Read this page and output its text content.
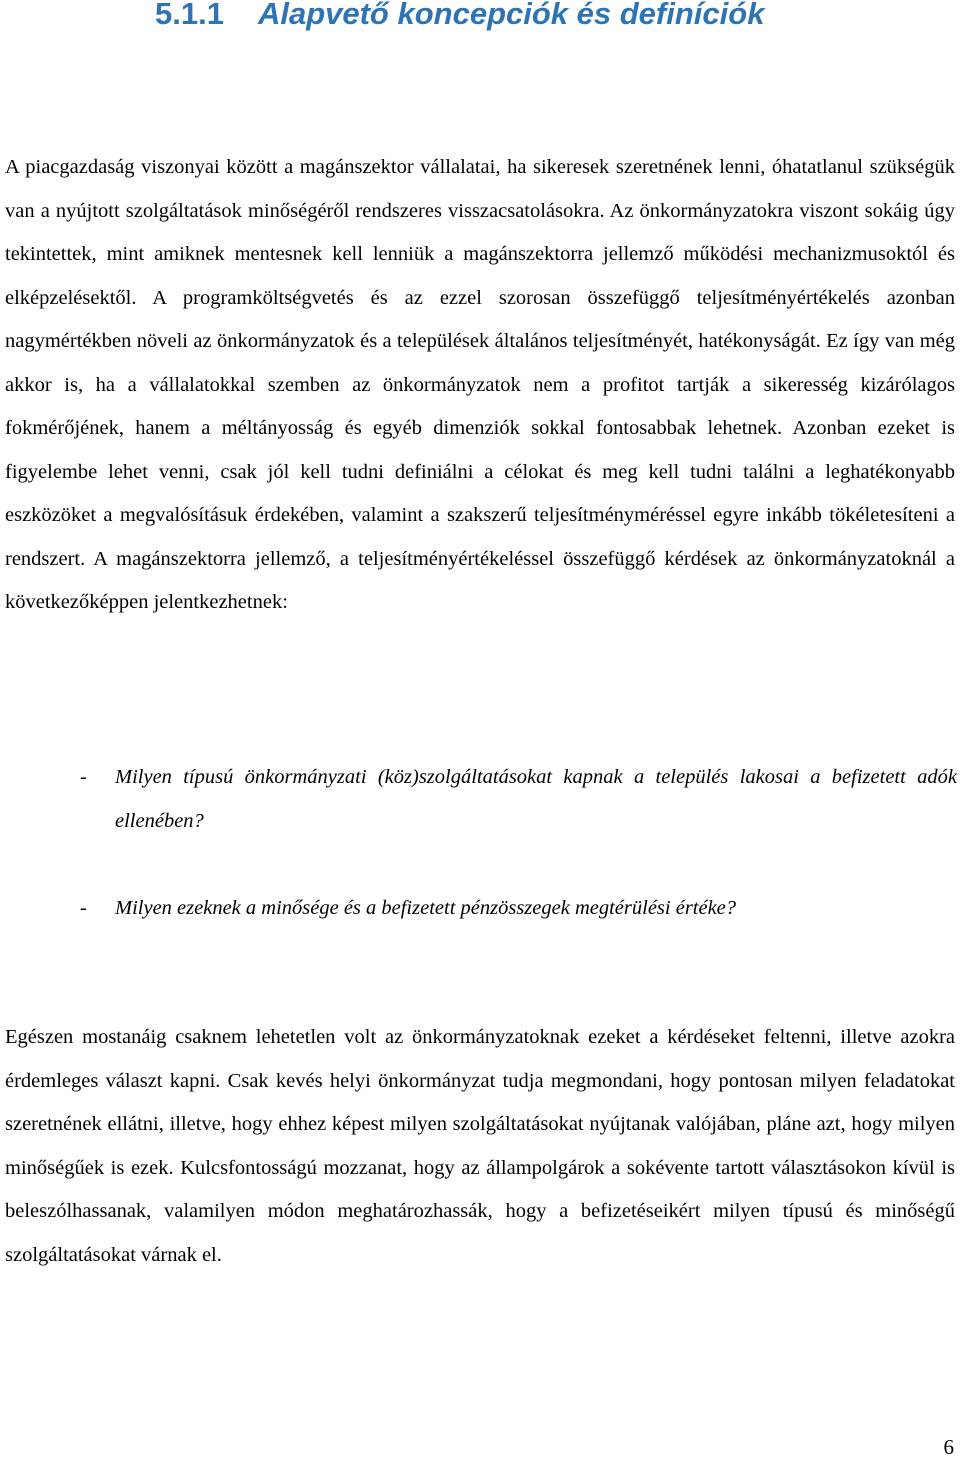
5.1.1 Alapvető koncepciók és definíciók

A piacgazdaság viszonyai között a magánszektor vállalatai, ha sikeresek szeretnének lenni, óhatatlanul szükségük van a nyújtott szolgáltatások minőségéről rendszeres visszacsatolásokra. Az önkormányzatokra viszont sokáig úgy tekintettek, mint amiknek mentesnek kell lenniük a magánszektorra jellemző működési mechanizmusoktól és elképzelésektől. A programköltségvetés és az ezzel szorosan összefüggő teljesítményértékelés azonban nagymértékben növeli az önkormányzatok és a települések általános teljesítményét, hatékonyságát. Ez így van még akkor is, ha a vállalatokkal szemben az önkormányzatok nem a profitot tartják a sikeresség kizárólagos fokmérőjének, hanem a méltányosság és egyéb dimenziók sokkal fontosabbak lehetnek. Azonban ezeket is figyelembe lehet venni, csak jól kell tudni definiálni a célokat és meg kell tudni találni a leghatékonyabb eszközöket a megvalósításuk érdekében, valamint a szakszerű teljesítményméréssel egyre inkább tökéletesíteni a rendszert. A magánszektorra jellemző, a teljesítményértékeléssel összefüggő kérdések az önkormányzatoknál a következőképpen jelentkezhetnek:

- Milyen típusú önkormányzati (köz)szolgáltatásokat kapnak a település lakosai a befizetett adók ellenében?
- Milyen ezeknek a minősége és a befizetett pénzösszegek megtérülési értéke?

Egészen mostanáig csaknem lehetetlen volt az önkormányzatoknak ezeket a kérdéseket feltenni, illetve azokra érdemleges választ kapni. Csak kevés helyi önkormányzat tudja megmondani, hogy pontosan milyen feladatokat szeretnének ellátni, illetve, hogy ehhez képest milyen szolgáltatásokat nyújtanak valójában, pláne azt, hogy milyen minőségűek is ezek. Kulcsfontosságú mozzanat, hogy az állampolgárok a sokévente tartott választásokon kívül is beleszólhassanak, valamilyen módon meghatározhassák, hogy a befizetéseikért milyen típusú és minőségű szolgáltatásokat várnak el.

6
